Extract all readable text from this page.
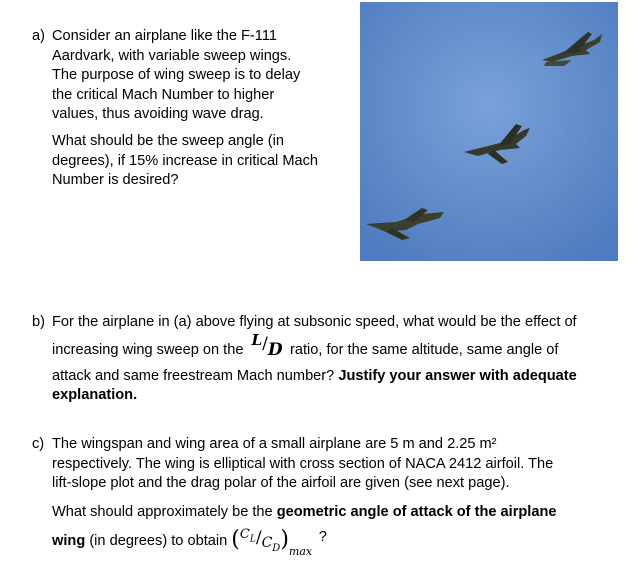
a) Consider an airplane like the F-111
Aardvark, with variable sweep wings.
The purpose of wing sweep is to delay
the critical Mach Number to higher
values, thus avoiding wave drag.
What should be the sweep angle (in
degrees), if 15% increase in critical Mach
Number is desired?
b) For the airplane in (a) above flying at subsonic speed, what would be the effect of
increasing wing sweep on the L/D ratio, for the same altitude, same angle of
attack and same freestream Mach number? Justify your answer with adequate
explanation.
c) The wingspan and wing area of a small airplane are 5 m and 2.25 m²
respectively. The wing is elliptical with cross section of NACA 2412 airfoil. The
lift-slope plot and the drag polar of the airfoil are given (see next page).
What should approximately be the geometric angle of attack of the airplane
wing (in degrees) to obtain $(C_L/C_D)_{max}$ ?
